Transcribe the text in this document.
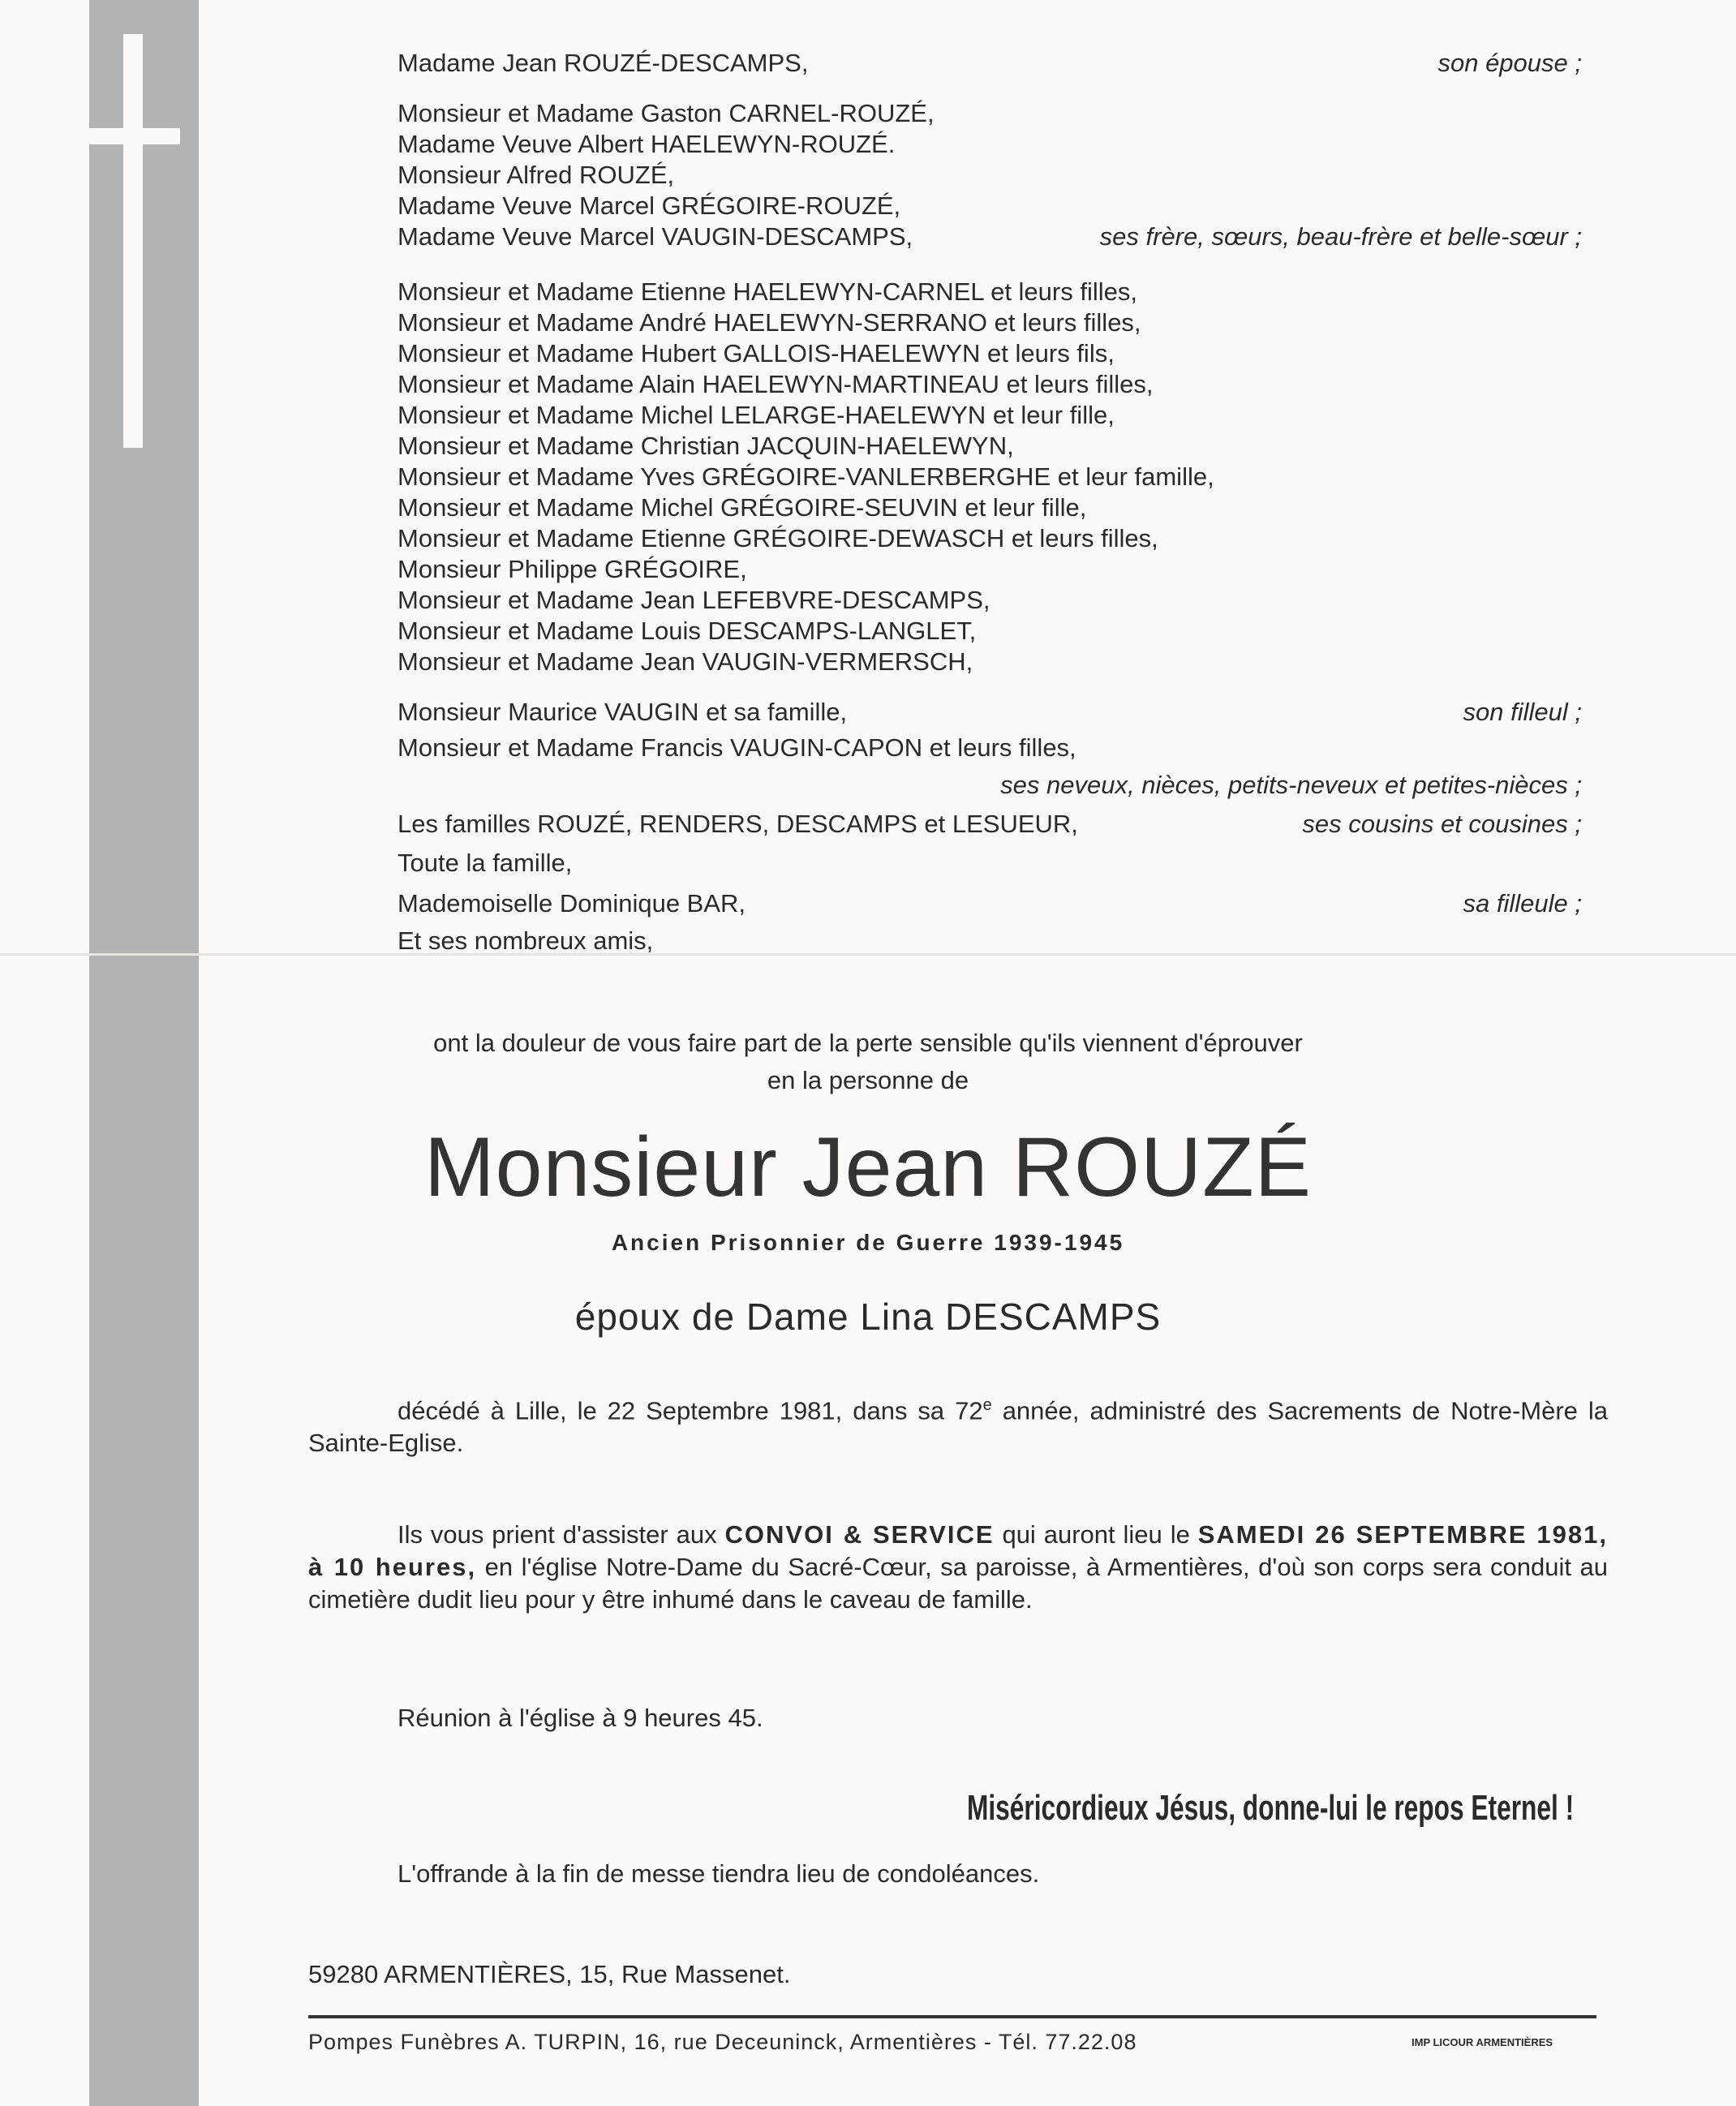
Madame Jean ROUZÉ-DESCAMPS,	son épouse ;
Monsieur et Madame Gaston CARNEL-ROUZÉ,
Madame Veuve Albert HAELEWYN-ROUZÉ.
Monsieur Alfred ROUZÉ,
Madame Veuve Marcel GRÉGOIRE-ROUZÉ,
Madame Veuve Marcel VAUGIN-DESCAMPS,	ses frère, sœurs, beau-frère et belle-sœur ;
Monsieur et Madame Etienne HAELEWYN-CARNEL et leurs filles,
Monsieur et Madame André HAELEWYN-SERRANO et leurs filles,
Monsieur et Madame Hubert GALLOIS-HAELEWYN et leurs fils,
Monsieur et Madame Alain HAELEWYN-MARTINEAU et leurs filles,
Monsieur et Madame Michel LELARGE-HAELEWYN et leur fille,
Monsieur et Madame Christian JACQUIN-HAELEWYN,
Monsieur et Madame Yves GRÉGOIRE-VANLERBERGHE et leur famille,
Monsieur et Madame Michel GRÉGOIRE-SEUVIN et leur fille,
Monsieur et Madame Etienne GRÉGOIRE-DEWASCH et leurs filles,
Monsieur Philippe GRÉGOIRE,
Monsieur et Madame Jean LEFEBVRE-DESCAMPS,
Monsieur et Madame Louis DESCAMPS-LANGLET,
Monsieur et Madame Jean VAUGIN-VERMERSCH,
Monsieur Maurice VAUGIN et sa famille,	son filleul ;
Monsieur et Madame Francis VAUGIN-CAPON et leurs filles,
ses neveux, nièces, petits-neveux et petites-nièces ;
Les familles ROUZÉ, RENDERS, DESCAMPS et LESUEUR,	ses cousins et cousines ;
Toute la famille,
Mademoiselle Dominique BAR,	sa filleule ;
Et ses nombreux amis,
ont la douleur de vous faire part de la perte sensible qu'ils viennent d'éprouver
en la personne de
Monsieur Jean ROUZÉ
Ancien Prisonnier de Guerre 1939-1945
époux de Dame Lina DESCAMPS
décédé à Lille, le 22 Septembre 1981, dans sa 72e année, administré des Sacrements de Notre-Mère la Sainte-Eglise.
Ils vous prient d'assister aux CONVOI & SERVICE qui auront lieu le SAMEDI 26 SEPTEMBRE 1981, à 10 heures, en l'église Notre-Dame du Sacré-Cœur, sa paroisse, à Armentières, d'où son corps sera conduit au cimetière dudit lieu pour y être inhumé dans le caveau de famille.
Réunion à l'église à 9 heures 45.
Miséricordieux Jésus, donne-lui le repos Eternel !
L'offrande à la fin de messe tiendra lieu de condoléances.
59280 ARMENTIÈRES, 15, Rue Massenet.
Pompes Funèbres A. TURPIN, 16, rue Deceuninck, Armentières - Tél. 77.22.08	IMP LICOUR ARMENTIÈRES
